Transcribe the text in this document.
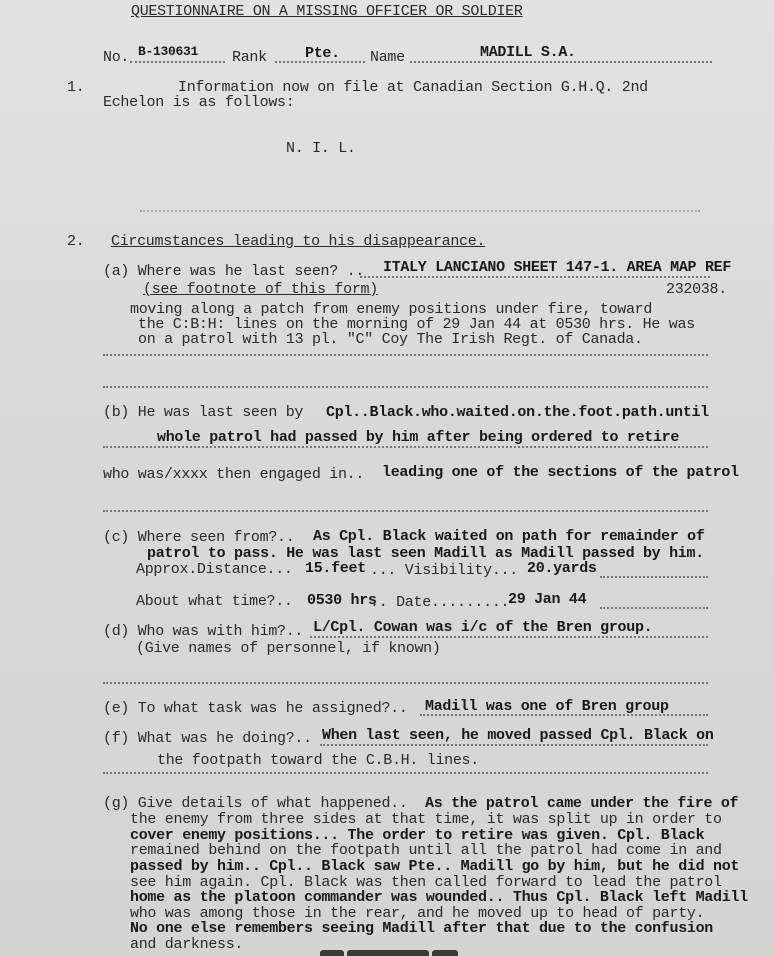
QUESTIONNAIRE ON A MISSING OFFICER OR SOLDIER
No. B-130631 Rank	Pte. Name	MADILL S.A.
1.	Information now on file at Canadian Section G.H.Q. 2nd
Echelon is as follows:
N. I. L.
2. Circumstances leading to his disappearance.
(a) Where was he last seen? .. ITALY LANCIANO SHEET 147-1. AREA MAP REF
(see footnote of this form)	232038.
moving along a patch from enemy positions under fire, toward
the C:B:H: lines on the morning of 29 Jan 44 at 0530 hrs. He was
on a patrol with 13 pl. "C" Coy The Irish Regt. of Canada.
(b) He was last seen by Cpl..Black.who.waited.on.the.foot.path.until
whole patrol had passed by him after being ordered to retire
who was/xxxx then engaged in.. leading one of the sections of the patrol
(c) Where seen from?.. As Cpl. Black waited on path for remainder of
patrol to pass. He was last seen Madill as Madill passed by him.
Approx.Distance... 15.feet ... Visibility... 20.yards
About what time?.. 0530 hrs
.. Date.........
29 Jan 44
(d) Who was with him?.. L/Cpl. Cowan was i/c of the Bren group.
(Give names of personnel, if known)
(e) To what task was he assigned?.. Madill was one of Bren group
(f) What was he doing?.. When last seen, he moved passed Cpl. Black on
the footpath toward the C.B.H. lines.
(g) Give details of what happened.. As the patrol came under the fire of
the enemy from three sides at that time, it was split up in order to
cover enemy positions... The order to retire was given. Cpl. Black
remained behind on the footpath until all the patrol had come in and
passed by him.. Cpl.. Black saw Pte.. Madill go by him, but he did not
see him again. Cpl. Black was then called forward to lead the patrol
home as the platoon commander was wounded.. Thus Cpl. Black left Madill
who was among those in the rear, and he moved up to head of party.
No one else remembers seeing Madill after that due to the confusion
and darkness.
